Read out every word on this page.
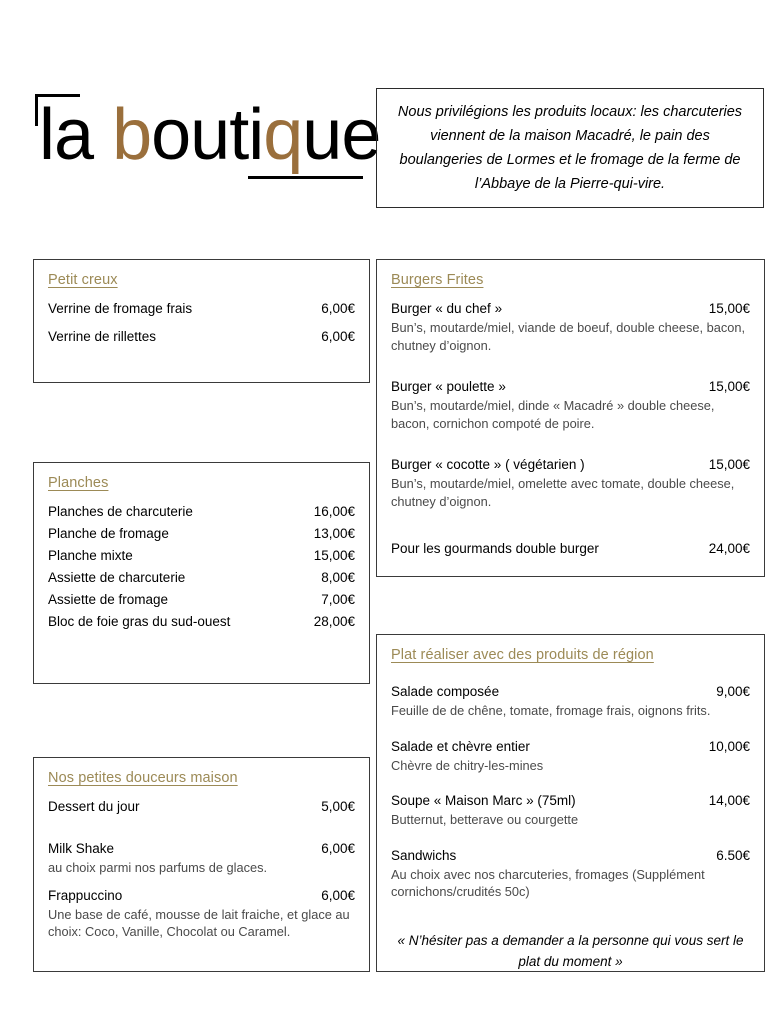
la boutique	Nous privilégions les produits locaux: les charcuteries viennent de la maison Macadré, le pain des boulangeries de Lormes et le fromage de la ferme de l’Abbaye de la Pierre-qui-vire.
Petit creux
Verrine de fromage frais	6,00€
Verrine de rillettes	6,00€
Planches
Planches de charcuterie	16,00€
Planche de fromage	13,00€
Planche mixte	15,00€
Assiette de charcuterie	8,00€
Assiette de fromage	7,00€
Bloc de foie gras du sud-ouest	28,00€
Nos petites douceurs maison
Dessert du jour	5,00€
Milk Shake	6,00€
au choix parmi nos parfums de glaces.
Frappuccino	6,00€
Une base de café, mousse de lait fraiche, et glace au choix: Coco, Vanille, Chocolat ou Caramel.
Burgers Frites
Burger « du chef »	15,00€
Bun’s, moutarde/miel, viande de boeuf, double cheese, bacon, chutney d’oignon.
Burger « poulette »	15,00€
Bun’s, moutarde/miel, dinde « Macadré » double cheese, bacon, cornichon compoté de poire.
Burger « cocotte » ( végétarien )	15,00€
Bun’s, moutarde/miel, omelette avec tomate, double cheese, chutney d’oignon.
Pour les gourmands double burger	24,00€
Plat réaliser avec des produits de région
Salade composée	9,00€
Feuille de de chêne, tomate, fromage frais, oignons frits.
Salade et chèvre entier	10,00€
Chèvre de chitry-les-mines
Soupe « Maison Marc » (75ml)	14,00€
Butternut, betterave ou courgette
Sandwichs	6.50€
Au choix avec nos charcuteries, fromages (Supplément cornichons/crudités 50c)
« N’hésiter pas a demander a la personne qui vous sert le plat du moment »
